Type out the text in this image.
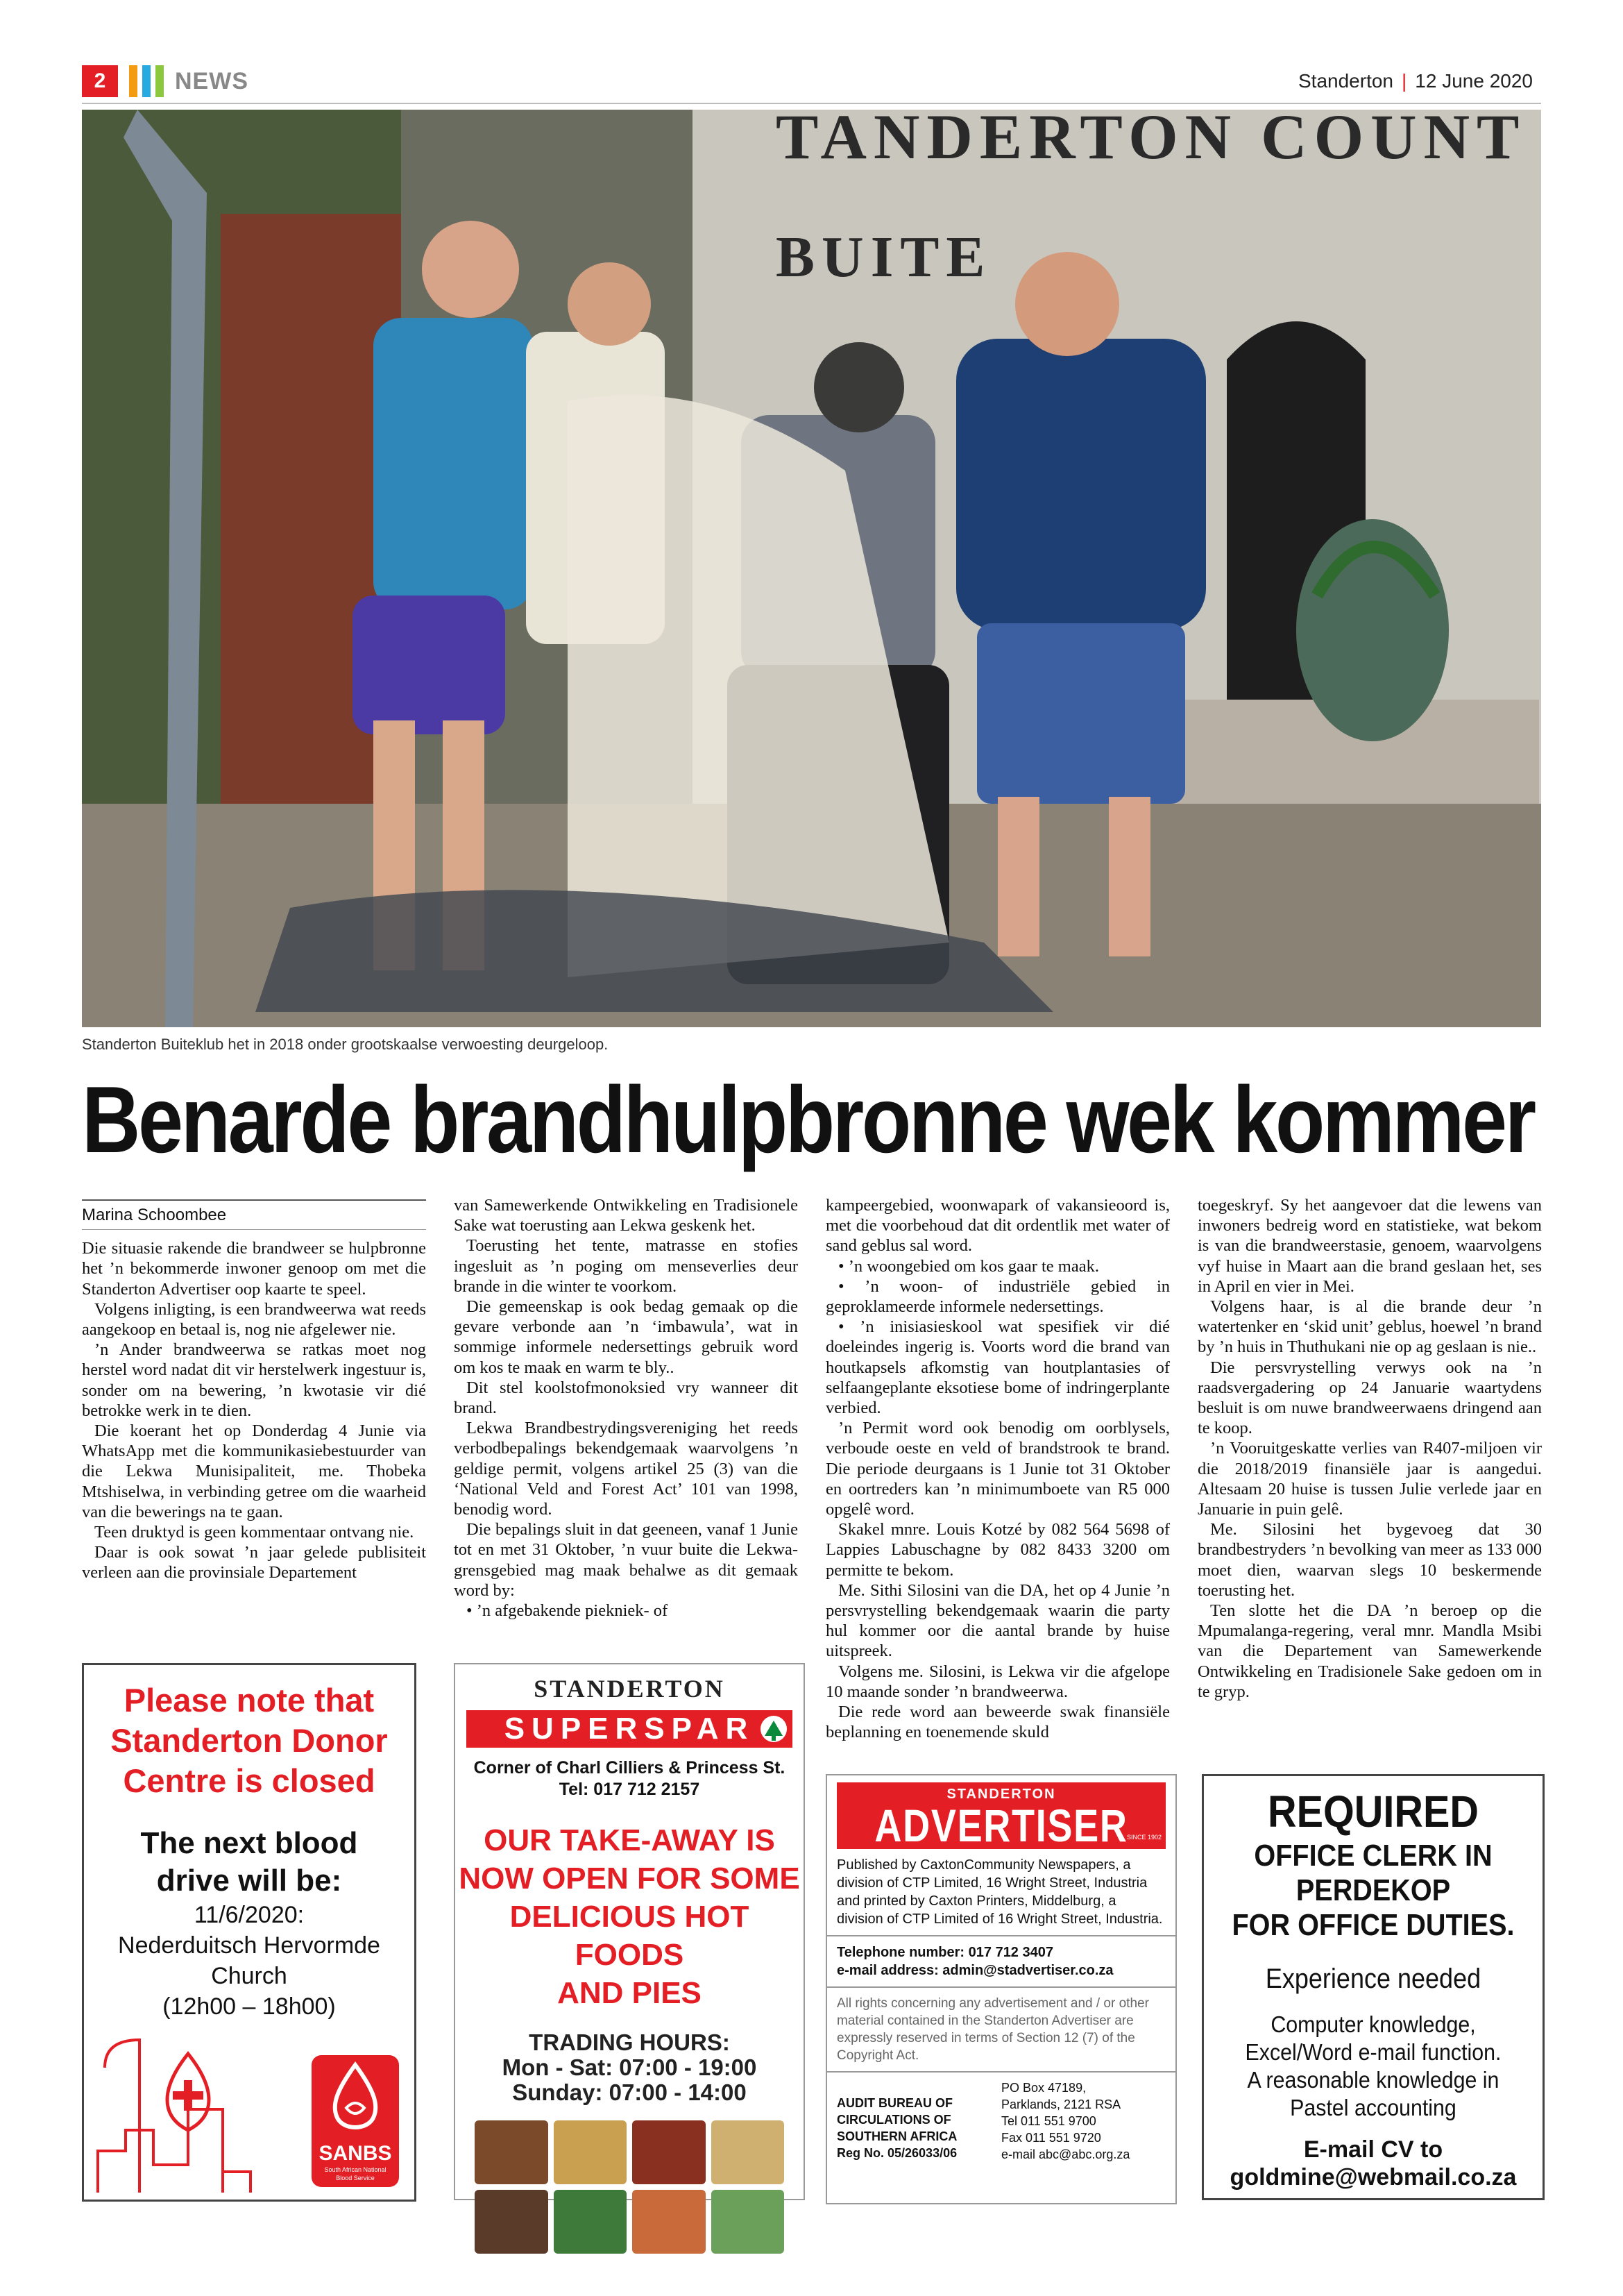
2	NEWS	Standerton | 12 June 2020
TANDERTON COUNT
BUITE
Standerton Buiteklub het in 2018 onder grootskaalse verwoesting deurgeloop.
Benarde brandhulpbronne wek kommer
Marina Schoombee

Die situasie rakende die brandweer se hulpbronne het ’n bekommerde inwoner genoop om met die Standerton Advertiser oop kaarte te speel.

Volgens inligting, is een brandweerwa wat reeds aangekoop en betaal is, nog nie afgelewer nie.

’n Ander brandweerwa se ratkas moet nog herstel word nadat dit vir herstelwerk ingestuur is, sonder om na bewering, ’n kwotasie vir dié betrokke werk in te dien.

Die koerant het op Donderdag 4 Junie via WhatsApp met die kommunikasiebestuurder van die Lekwa Munisipaliteit, me. Thobeka Mtshiselwa, in verbinding getree om die waarheid van die bewerings na te gaan.

Teen druktyd is geen kommentaar ontvang nie.

Daar is ook sowat ’n jaar gelede publisiteit verleen aan die provinsiale Departement

van Samewerkende Ontwikkeling en Tradisionele Sake wat toerusting aan Lekwa geskenk het.

Toerusting het tente, matrasse en stofies ingesluit as ’n poging om menseverlies deur brande in die winter te voorkom.

Die gemeenskap is ook bedag gemaak op die gevare verbonde aan ’n ‘imbawula’, wat in sommige informele nedersettings gebruik word om kos te maak en warm te bly..

Dit stel koolstofmonoksied vry wanneer dit brand.

Lekwa Brandbestrydingsvereniging het reeds verbodbepalings bekendgemaak waarvolgens ’n geldige permit, volgens artikel 25 (3) van die ‘National Veld and Forest Act’ 101 van 1998, benodig word.

Die bepalings sluit in dat geeneen, vanaf 1 Junie tot en met 31 Oktober, ’n vuur buite die Lekwa-grensgebied mag maak behalwe as dit gemaak word by:

• ’n afgebakende piekniek- of

kampeergebied, woonwapark of vakansieoord is, met die voorbehoud dat dit ordentlik met water of sand geblus sal word.

• ’n woongebied om kos gaar te maak.

• ’n woon- of industriële gebied in geproklameerde informele nedersettings.

• ’n inisiasieskool wat spesifiek vir dié doeleindes ingerig is. Voorts word die brand van houtkapsels afkomstig van houtplantasies of selfaangeplante eksotiese bome of indringerplante verbied.

’n Permit word ook benodig om oorblysels, verboude oeste en veld of brandstrook te brand. Die periode deurgaans is 1 Junie tot 31 Oktober en oortreders kan ’n minimumboete van R5 000 opgelê word.

Skakel mnre. Louis Kotzé by 082 564 5698 of Lappies Labuschagne by 082 8433 3200 om permitte te bekom.

Me. Sithi Silosini van die DA, het op 4 Junie ’n persvrystelling bekendgemaak waarin die party hul kommer oor die aantal brande by huise uitspreek.

Volgens me. Silosini, is Lekwa vir die afgelope 10 maande sonder ’n brandweerwa.

Die rede word aan beweerde swak finansiële beplanning en toenemende skuld

toegeskryf. Sy het aangevoer dat die lewens van inwoners bedreig word en statistieke, wat bekom is van die brandweerstasie, genoem, waarvolgens vyf huise in Maart aan die brand geslaan het, ses in April en vier in Mei.

Volgens haar, is al die brande deur ’n watertenker en ‘skid unit’ geblus, hoewel ’n brand by ’n huis in Thuthukani nie op ag geslaan is nie..

Die persvrystelling verwys ook na ’n raadsvergadering op 24 Januarie waartydens besluit is om nuwe brandweerwaens dringend aan te koop.

’n Vooruitgeskatte verlies van R407-miljoen vir die 2018/2019 finansiële jaar is aangedui. Altesaam 20 huise is tussen Julie verlede jaar en Januarie in puin gelê.

Me. Silosini het bygevoeg dat 30 brandbestryders ’n bevolking van meer as 133 000 moet dien, waarvan slegs 10 beskermende toerusting het.

Ten slotte het die DA ’n beroep op die Mpumalanga-regering, veral mnr. Mandla Msibi van die Departement van Samewerkende Ontwikkeling en Tradisionele Sake gedoen om in te gryp.

Please note that
Standerton Donor
Centre is closed
The next blood
drive will be:
11/6/2020:
Nederduitsch Hervormde
Church
(12h00 – 18h00)
SANBS
South African National Blood Service
STANDERTON
SUPERSPAR
Corner of Charl Cilliers & Princess St.
Tel: 017 712 2157
OUR TAKE-AWAY IS
NOW OPEN FOR SOME
DELICIOUS HOT FOODS
AND PIES
TRADING HOURS:
Mon - Sat: 07:00 - 19:00
Sunday: 07:00 - 14:00
STANDERTON
ADVERTISER
SINCE 1902
Published by CaxtonCommunity Newspapers, a division of CTP Limited, 16 Wright Street, Industria and printed by Caxton Printers, Middelburg, a division of CTP Limited of 16 Wright Street, Industria.
Telephone number: 017 712 3407
e-mail address: admin@stadvertiser.co.za
All rights concerning any advertisement and / or other material contained in the Standerton Advertiser are expressly reserved in terms of Section 12 (7) of the Copyright Act.
AUDIT BUREAU OF
CIRCULATIONS OF
SOUTHERN AFRICA
Reg No. 05/26033/06
PO Box 47189,
Parklands, 2121 RSA
Tel 011 551 9700
Fax 011 551 9720
e-mail abc@abc.org.za
REQUIRED
OFFICE CLERK IN
PERDEKOP
FOR OFFICE DUTIES.
Experience needed
Computer knowledge,
Excel/Word e-mail function.
A reasonable knowledge in
Pastel accounting
E-mail CV to
goldmine@webmail.co.za
